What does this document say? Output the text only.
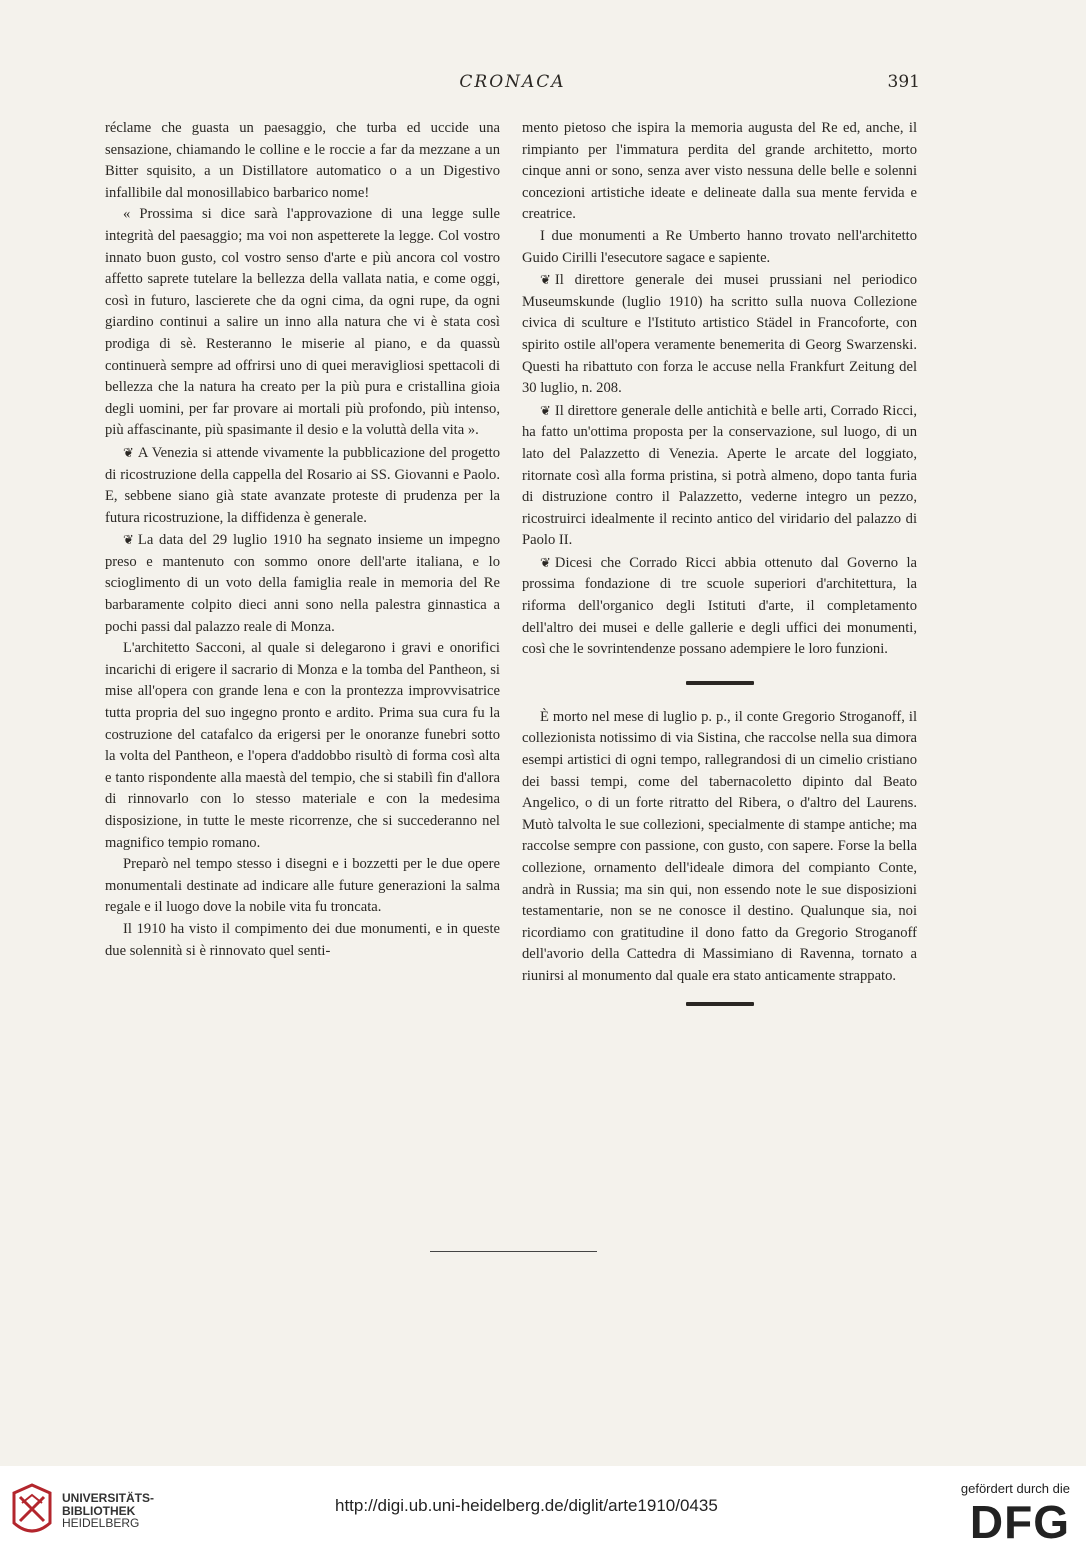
CRONACA	391

réclame che guasta un paesaggio, che turba ed uccide una sensazione, chiamando le colline e le roccie a far da mezzane a un Bitter squisito, a un Distillatore automatico o a un Digestivo infallibile dal monosillabico barbarico nome!

« Prossima si dice sarà l'approvazione di una legge sulle integrità del paesaggio; ma voi non aspetterete la legge. Col vostro innato buon gusto, col vostro senso d'arte e più ancora col vostro affetto saprete tutelare la bellezza della vallata natia, e come oggi, così in futuro, lascierete che da ogni cima, da ogni rupe, da ogni giardino continui a salire un inno alla natura che vi è stata così prodiga di sè. Resteranno le miserie al piano, e da quassù continuerà sempre ad offrirsi uno di quei meravigliosi spettacoli di bellezza che la natura ha creato per la più pura e cristallina gioia degli uomini, per far provare ai mortali più profondo, più intenso, più affascinante, più spasimante il desio e la voluttà della vita ».

❦ A Venezia si attende vivamente la pubblicazione del progetto di ricostruzione della cappella del Rosario ai SS. Giovanni e Paolo. E, sebbene siano già state avanzate proteste di prudenza per la futura ricostruzione, la diffidenza è generale.

❦ La data del 29 luglio 1910 ha segnato insieme un impegno preso e mantenuto con sommo onore dell'arte italiana, e lo scioglimento di un voto della famiglia reale in memoria del Re barbaramente colpito dieci anni sono nella palestra ginnastica a pochi passi dal palazzo reale di Monza.

L'architetto Sacconi, al quale si delegarono i gravi e onorifici incarichi di erigere il sacrario di Monza e la tomba del Pantheon, si mise all'opera con grande lena e con la prontezza improvvisatrice tutta propria del suo ingegno pronto e ardito. Prima sua cura fu la costruzione del catafalco da erigersi per le onoranze funebri sotto la volta del Pantheon, e l'opera d'addobbo risultò di forma così alta e tanto rispondente alla maestà del tempio, che si stabilì fin d'allora di rinnovarlo con lo stesso materiale e con la medesima disposizione, in tutte le meste ricorrenze, che si succederanno nel magnifico tempio romano.

Preparò nel tempo stesso i disegni e i bozzetti per le due opere monumentali destinate ad indicare alle future generazioni la salma regale e il luogo dove la nobile vita fu troncata.

Il 1910 ha visto il compimento dei due monumenti, e in queste due solennità si è rinnovato quel senti-

mento pietoso che ispira la memoria augusta del Re ed, anche, il rimpianto per l'immatura perdita del grande architetto, morto cinque anni or sono, senza aver visto nessuna delle belle e solenni concezioni artistiche ideate e delineate dalla sua mente fervida e creatrice.

I due monumenti a Re Umberto hanno trovato nell'architetto Guido Cirilli l'esecutore sagace e sapiente.

❦ Il direttore generale dei musei prussiani nel periodico Museumskunde (luglio 1910) ha scritto sulla nuova Collezione civica di sculture e l'Istituto artistico Städel in Francoforte, con spirito ostile all'opera veramente benemerita di Georg Swarzenski. Questi ha ribattuto con forza le accuse nella Frankfurt Zeitung del 30 luglio, n. 208.

❦ Il direttore generale delle antichità e belle arti, Corrado Ricci, ha fatto un'ottima proposta per la conservazione, sul luogo, di un lato del Palazzetto di Venezia. Aperte le arcate del loggiato, ritornate così alla forma pristina, si potrà almeno, dopo tanta furia di distruzione contro il Palazzetto, vederne integro un pezzo, ricostruirci idealmente il recinto antico del viridario del palazzo di Paolo II.

❦ Dicesi che Corrado Ricci abbia ottenuto dal Governo la prossima fondazione di tre scuole superiori d'architettura, la riforma dell'organico degli Istituti d'arte, il completamento dell'altro dei musei e delle gallerie e degli uffici dei monumenti, così che le sovrintendenze possano adempiere le loro funzioni.

È morto nel mese di luglio p. p., il conte Gregorio Stroganoff, il collezionista notissimo di via Sistina, che raccolse nella sua dimora esempi artistici di ogni tempo, rallegrandosi di un cimelio cristiano dei bassi tempi, come del tabernacoletto dipinto dal Beato Angelico, o di un forte ritratto del Ribera, o d'altro del Laurens. Mutò talvolta le sue collezioni, specialmente di stampe antiche; ma raccolse sempre con passione, con gusto, con sapere. Forse la bella collezione, ornamento dell'ideale dimora del compianto Conte, andrà in Russia; ma sin qui, non essendo note le sue disposizioni testamentarie, non se ne conosce il destino. Qualunque sia, noi ricordiamo con gratitudine il dono fatto da Gregorio Stroganoff dell'avorio della Cattedra di Massimiano di Ravenna, tornato a riunirsi al monumento dal quale era stato anticamente strappato.

UNIVERSITÄTS-
BIBLIOTHEK
HEIDELBERG
http://digi.ub.uni-heidelberg.de/diglit/arte1910/0435
gefördert durch die
DFG
